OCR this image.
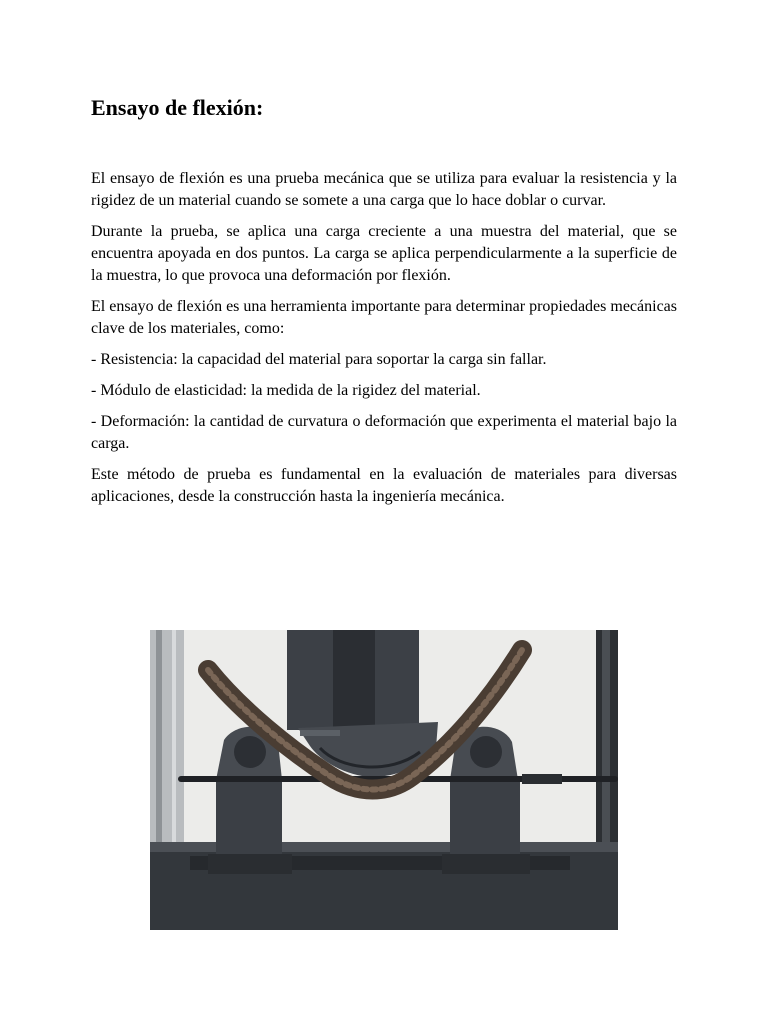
Ensayo de flexión:

El ensayo de flexión es una prueba mecánica que se utiliza para evaluar la resistencia y la rigidez de un material cuando se somete a una carga que lo hace doblar o curvar.

Durante la prueba, se aplica una carga creciente a una muestra del material, que se encuentra apoyada en dos puntos. La carga se aplica perpendicularmente a la superficie de la muestra, lo que provoca una deformación por flexión.

El ensayo de flexión es una herramienta importante para determinar propiedades mecánicas clave de los materiales, como:

- Resistencia: la capacidad del material para soportar la carga sin fallar.

- Módulo de elasticidad: la medida de la rigidez del material.

- Deformación: la cantidad de curvatura o deformación que experimenta el material bajo la carga.

Este método de prueba es fundamental en la evaluación de materiales para diversas aplicaciones, desde la construcción hasta la ingeniería mecánica.
